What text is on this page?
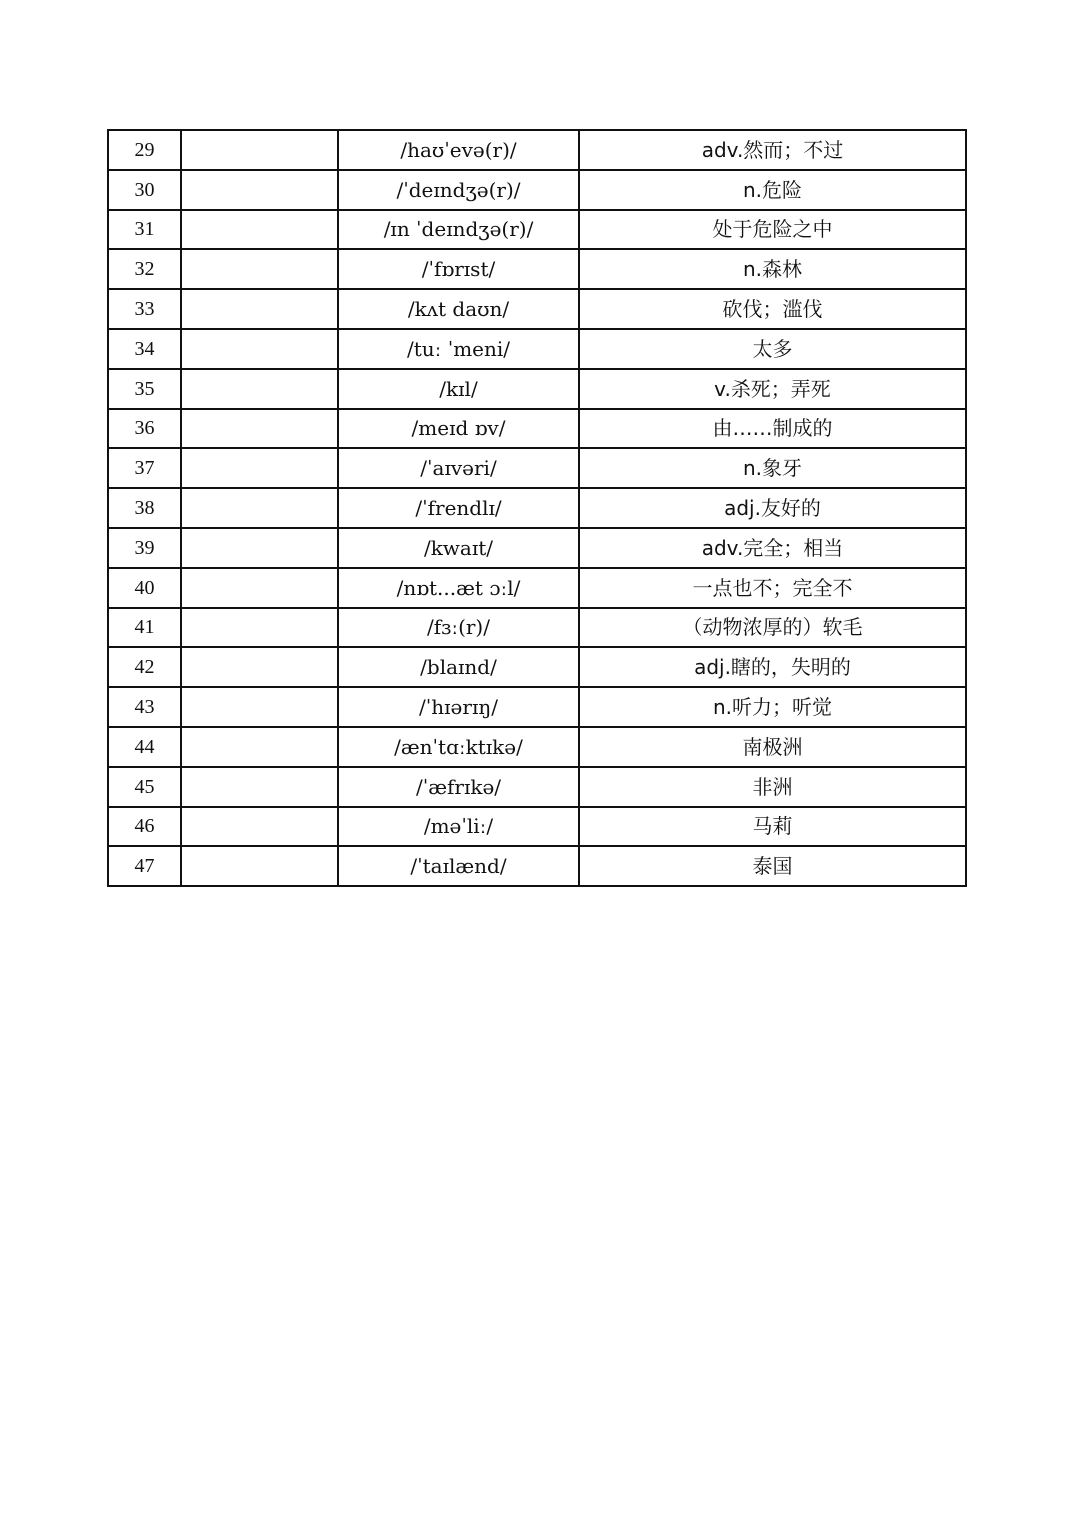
29		/haʊˈevə(r)/	adv.然而；不过
30		/ˈdeɪndʒə(r)/	n.危险
31		/ɪn ˈdeɪndʒə(r)/	处于危险之中
32		/ˈfɒrɪst/	n.森林
33		/kʌt daʊn/	砍伐；滥伐
34		/tuː ˈmeni/	太多
35		/kɪl/	v.杀死；弄死
36		/meɪd ɒv/	由……制成的
37		/ˈaɪvəri/	n.象牙
38		/ˈfrendlɪ/	adj.友好的
39		/kwaɪt/	adv.完全；相当
40		/nɒt...æt ɔːl/	一点也不；完全不
41		/fɜː(r)/	（动物浓厚的）软毛
42		/blaɪnd/	adj.瞎的，失明的
43		/ˈhɪərɪŋ/	n.听力；听觉
44		/ænˈtɑːktɪkə/	南极洲
45		/ˈæfrɪkə/	非洲
46		/məˈliː/	马莉
47		/ˈtaɪlænd/	泰国
